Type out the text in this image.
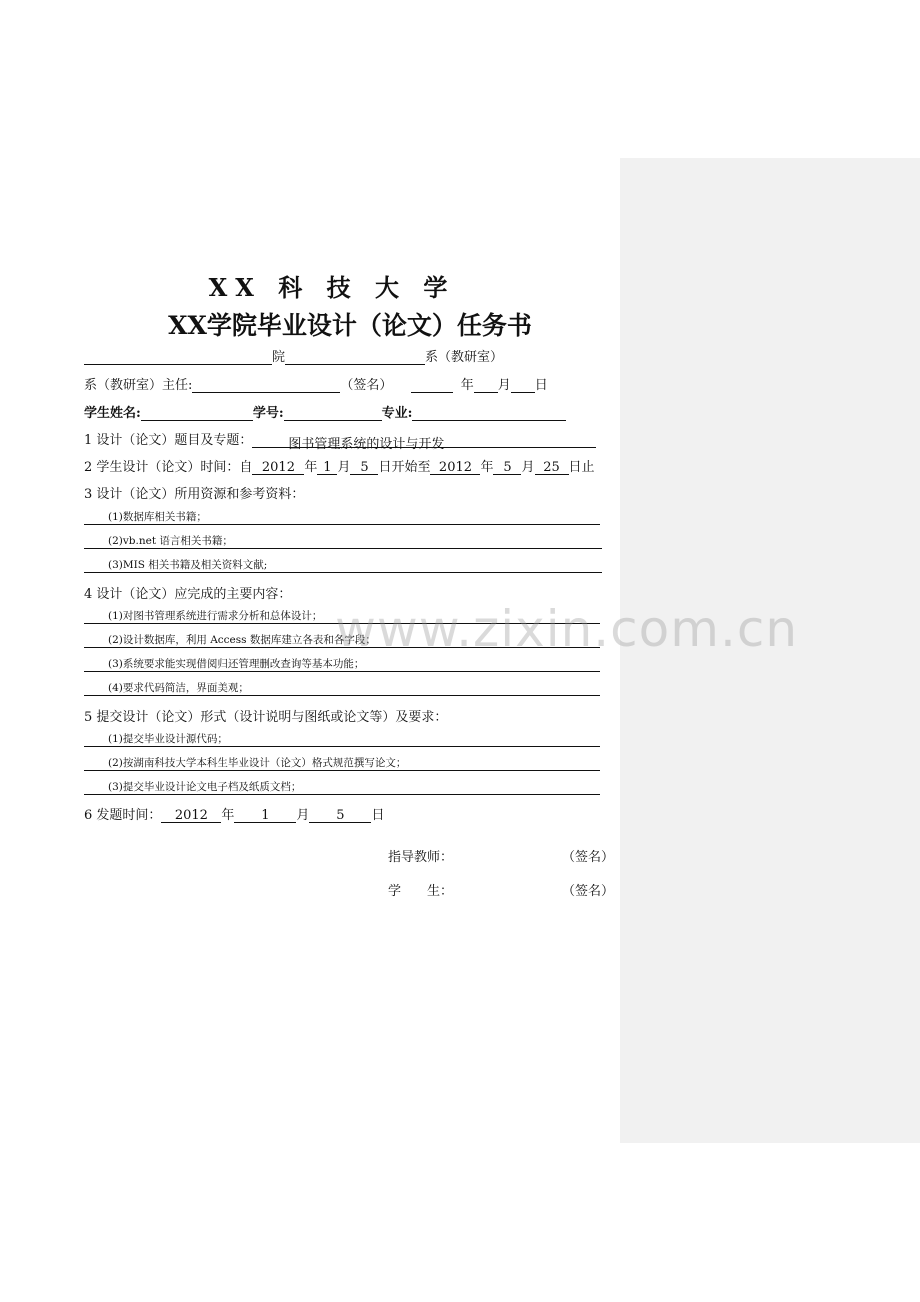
XX 科 技 大 学
XX学院毕业设计（论文）任务书
院	系（教研室）
系（教研室）主任:	（签名）	年 月 日
学生姓名:	学号:	专业:
1 设计（论文）题目及专题：	图书管理系统的设计与开发
2 学生设计（论文）时间：自 2012 年 1 月 5 日开始至 2012 年 5 月 25 日止
3 设计（论文）所用资源和参考资料：
(1)数据库相关书籍；
(2)vb.net 语言相关书籍；
(3)MIS 相关书籍及相关资料文献;
4 设计（论文）应完成的主要内容：
(1)对图书管理系统进行需求分析和总体设计；
(2)设计数据库，利用 Access 数据库建立各表和各字段；
(3)系统要求能实现借阅归还管理删改查询等基本功能；
(4)要求代码简洁，界面美观；
5 提交设计（论文）形式（设计说明与图纸或论文等）及要求：
(1)提交毕业设计源代码；
(2)按湖南科技大学本科生毕业设计（论文）格式规范撰写论文；
(3)提交毕业设计论文电子档及纸质文档；
6 发题时间： 2012 年 1 月 5 日
指导教师：	（签名）
学　　生：	（签名）
www.zixin.com.cn
